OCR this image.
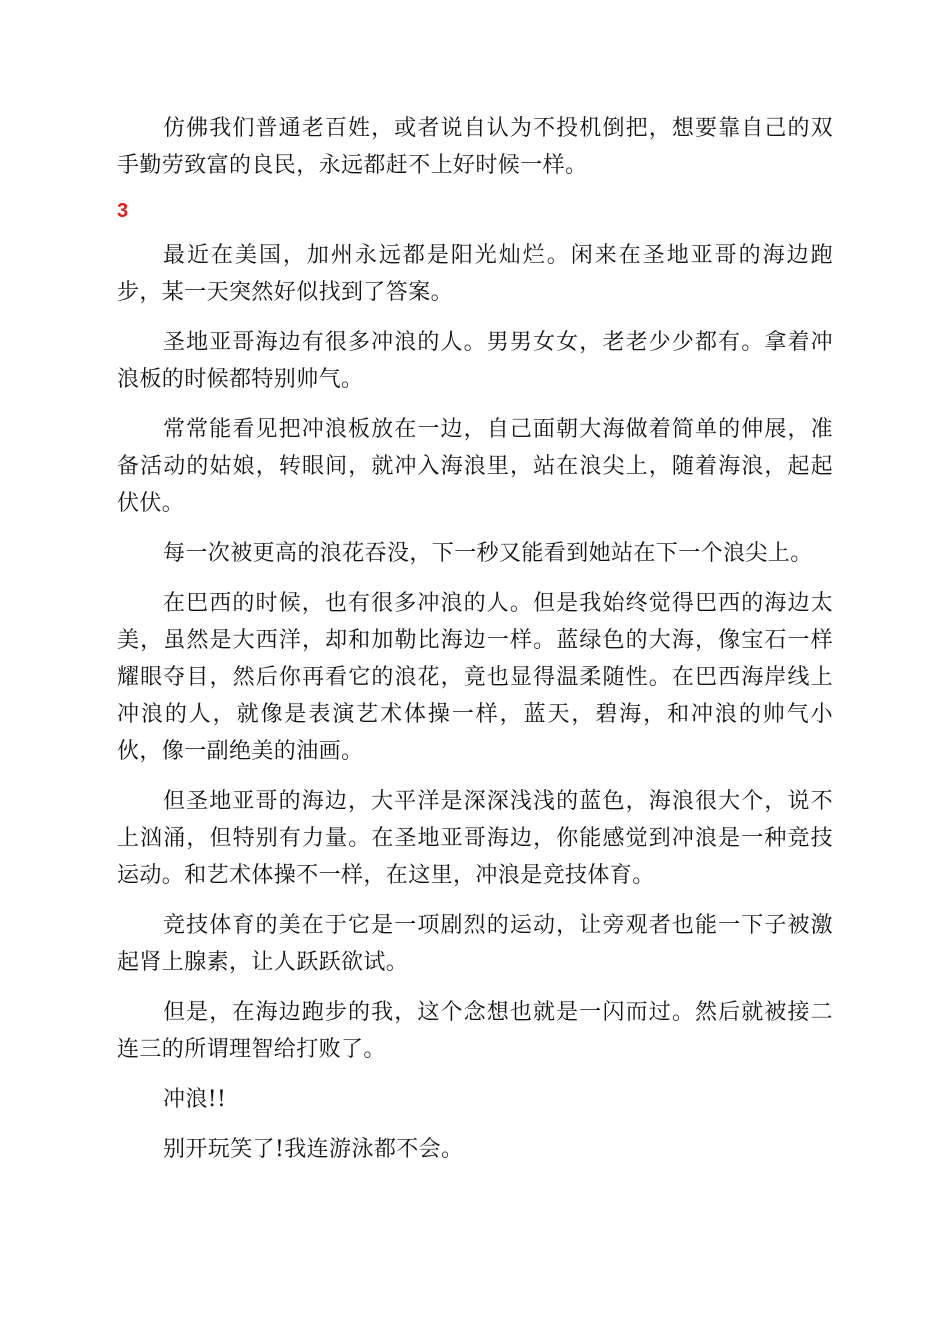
仿佛我们普通老百姓，或者说自认为不投机倒把，想要靠自己的双手勤劳致富的良民，永远都赶不上好时候一样。

3

最近在美国，加州永远都是阳光灿烂。闲来在圣地亚哥的海边跑步，某一天突然好似找到了答案。

圣地亚哥海边有很多冲浪的人。男男女女，老老少少都有。拿着冲浪板的时候都特别帅气。

常常能看见把冲浪板放在一边，自己面朝大海做着简单的伸展，准备活动的姑娘，转眼间，就冲入海浪里，站在浪尖上，随着海浪，起起伏伏。

每一次被更高的浪花吞没，下一秒又能看到她站在下一个浪尖上。

在巴西的时候，也有很多冲浪的人。但是我始终觉得巴西的海边太美，虽然是大西洋，却和加勒比海边一样。蓝绿色的大海，像宝石一样耀眼夺目，然后你再看它的浪花，竟也显得温柔随性。在巴西海岸线上冲浪的人，就像是表演艺术体操一样，蓝天，碧海，和冲浪的帅气小伙，像一副绝美的油画。

但圣地亚哥的海边，大平洋是深深浅浅的蓝色，海浪很大个，说不上汹涌，但特别有力量。在圣地亚哥海边，你能感觉到冲浪是一种竞技运动。和艺术体操不一样，在这里，冲浪是竞技体育。

竞技体育的美在于它是一项剧烈的运动，让旁观者也能一下子被激起肾上腺素，让人跃跃欲试。

但是，在海边跑步的我，这个念想也就是一闪而过。然后就被接二连三的所谓理智给打败了。

冲浪!!

别开玩笑了!我连游泳都不会。
